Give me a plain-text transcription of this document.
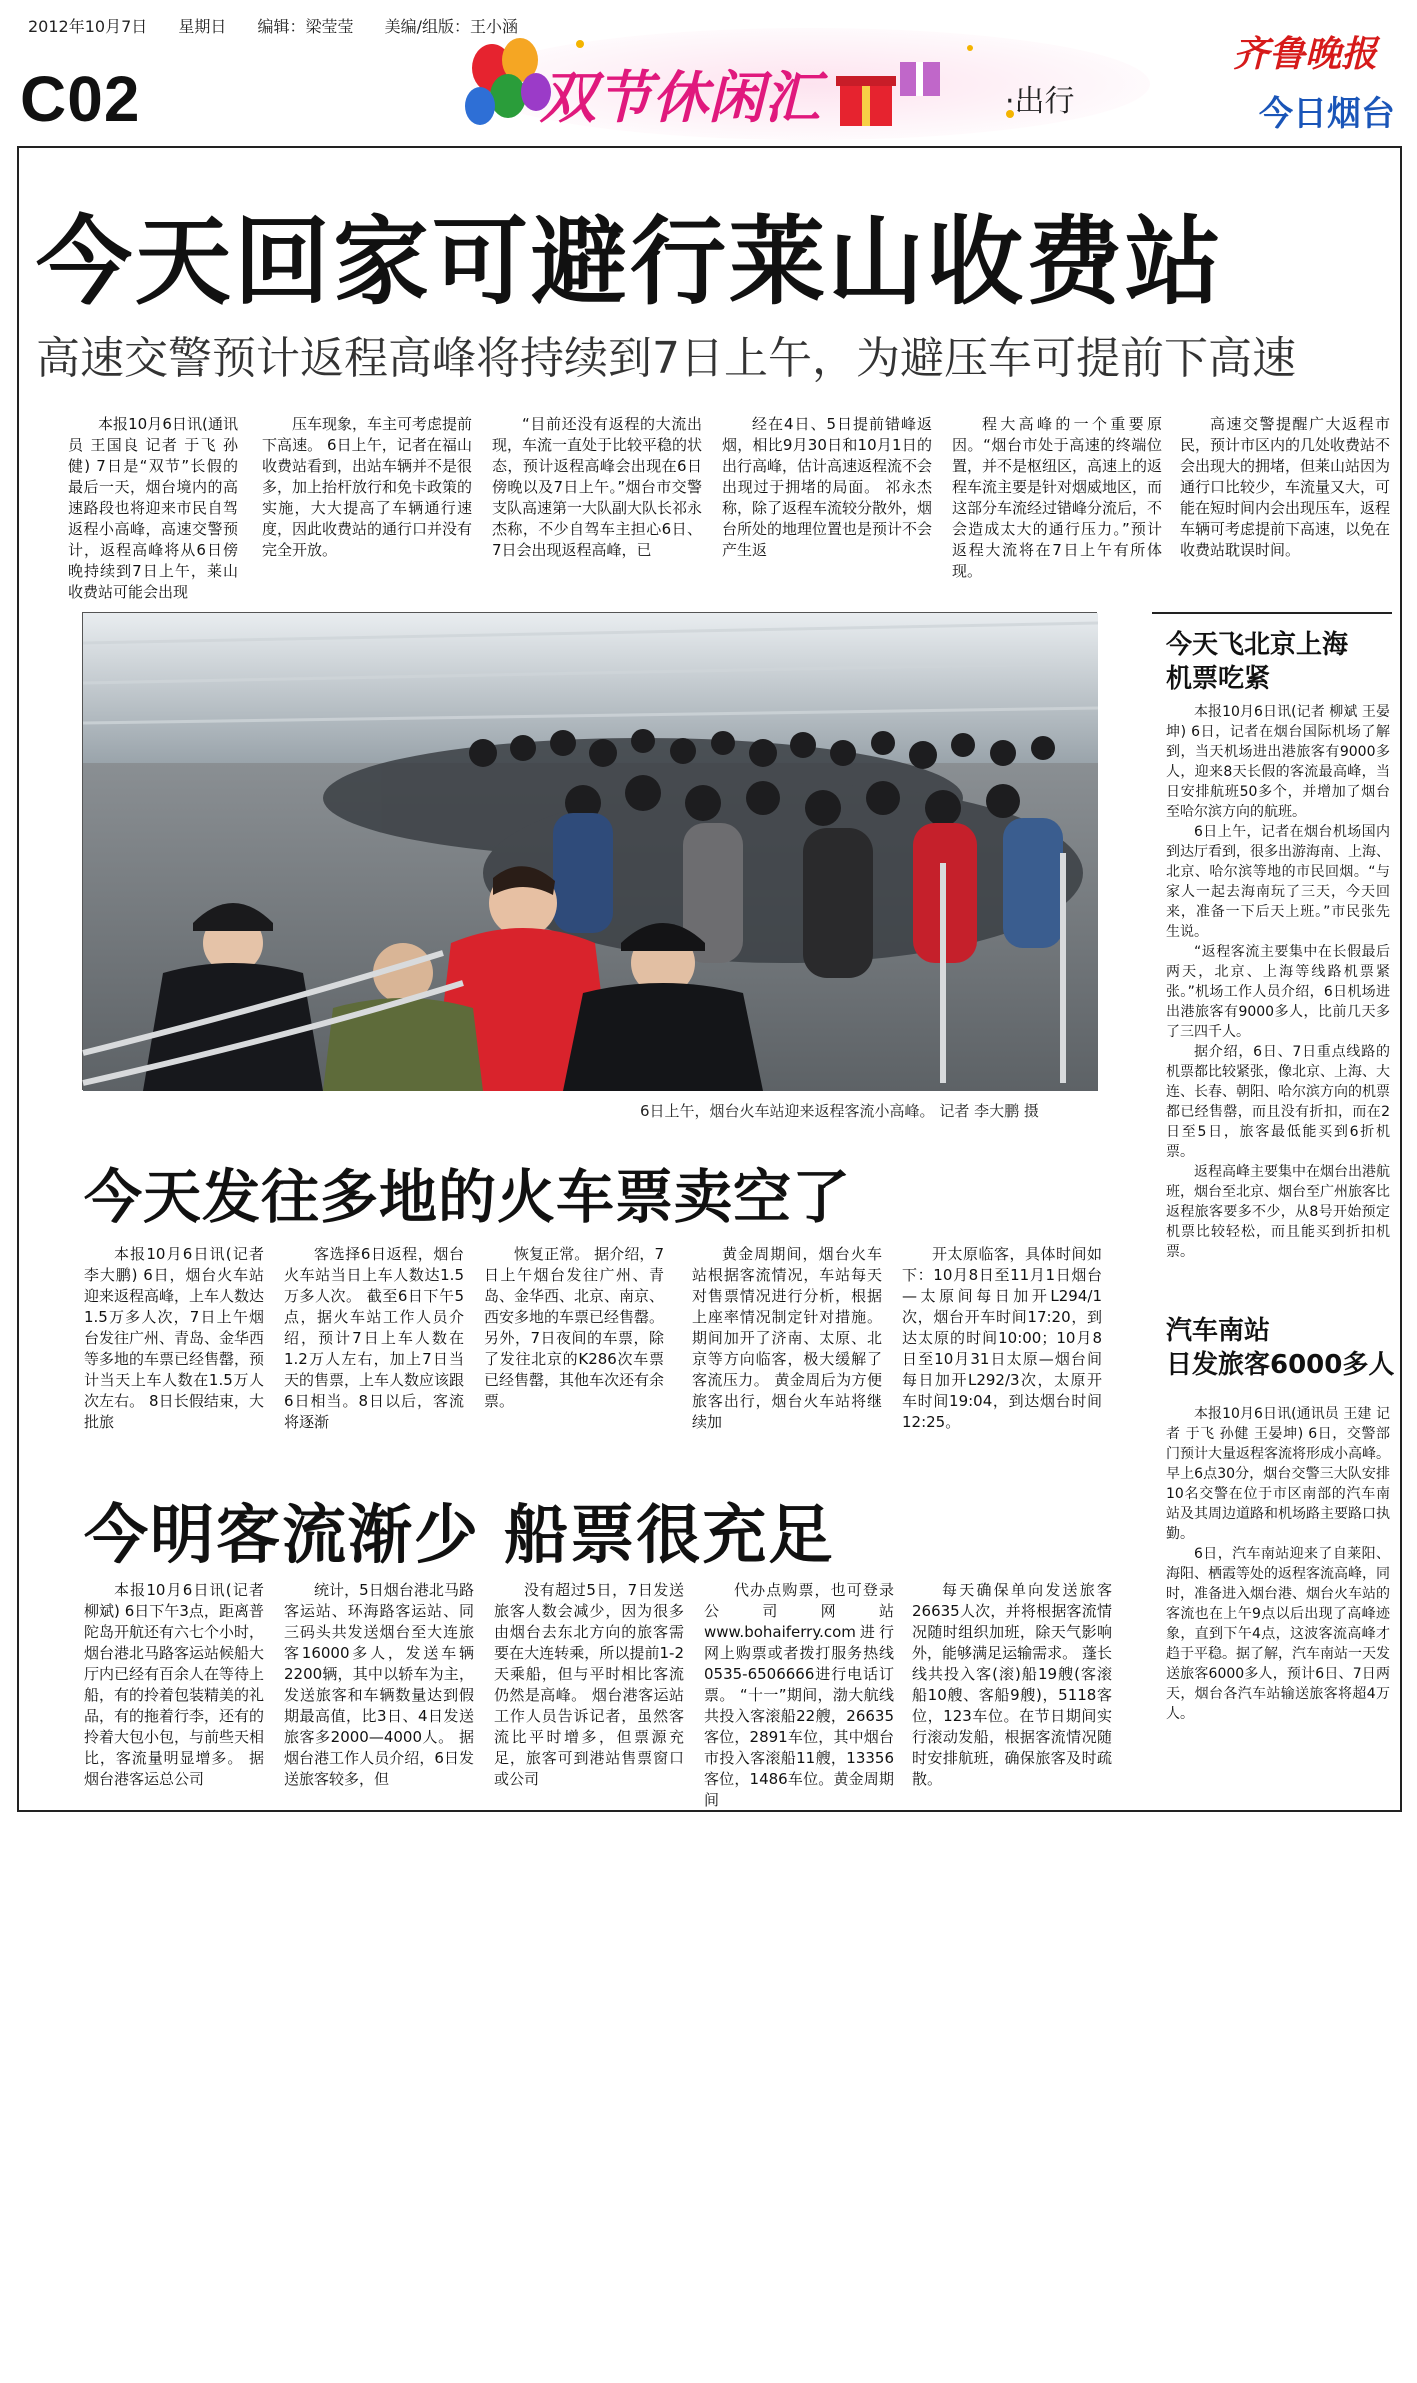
2012年10月7日 星期日 编辑：梁莹莹 美编/组版：王小涵
C02	双节休闲汇	·出行
齐鲁晚报
今日烟台
今天回家可避行莱山收费站
高速交警预计返程高峰将持续到7日上午，为避压车可提前下高速

本报10月6日讯(通讯员 王国良 记者 于飞 孙健) 7日是“双节”长假的最后一天，烟台境内的高速路段也将迎来市民自驾返程小高峰，高速交警预计，返程高峰将从6日傍晚持续到7日上午，莱山收费站可能会出现

压车现象，车主可考虑提前下高速。 6日上午，记者在福山收费站看到，出站车辆并不是很多，加上抬杆放行和免卡政策的实施，大大提高了车辆通行速度，因此收费站的通行口并没有完全开放。

“目前还没有返程的大流出现，车流一直处于比较平稳的状态，预计返程高峰会出现在6日傍晚以及7日上午。”烟台市交警支队高速第一大队副大队长祁永杰称，不少自驾车主担心6日、7日会出现返程高峰，已

经在4日、5日提前错峰返烟，相比9月30日和10月1日的出行高峰，估计高速返程流不会出现过于拥堵的局面。 祁永杰称，除了返程车流较分散外，烟台所处的地理位置也是预计不会产生返

程大高峰的一个重要原因。“烟台市处于高速的终端位置，并不是枢纽区，高速上的返程车流主要是针对烟威地区，而这部分车流经过错峰分流后，不会造成太大的通行压力。”预计返程大流将在7日上午有所体现。

高速交警提醒广大返程市民，预计市区内的几处收费站不会出现大的拥堵，但莱山站因为通行口比较少，车流量又大，可能在短时间内会出现压车，返程车辆可考虑提前下高速，以免在收费站耽误时间。

6日上午，烟台火车站迎来返程客流小高峰。 记者 李大鹏 摄
今天发往多地的火车票卖空了

本报10月6日讯(记者 李大鹏) 6日，烟台火车站迎来返程高峰，上车人数达1.5万多人次，7日上午烟台发往广州、青岛、金华西等多地的车票已经售罄，预计当天上车人数在1.5万人次左右。 8日长假结束，大批旅

客选择6日返程，烟台火车站当日上车人数达1.5万多人次。 截至6日下午5点，据火车站工作人员介绍，预计7日上车人数在1.2万人左右，加上7日当天的售票，上车人数应该跟6日相当。8日以后，客流将逐渐

恢复正常。 据介绍，7日上午烟台发往广州、青岛、金华西、北京、南京、西安多地的车票已经售罄。 另外，7日夜间的车票，除了发往北京的K286次车票已经售罄，其他车次还有余票。

黄金周期间，烟台火车站根据客流情况，车站每天对售票情况进行分析，根据上座率情况制定针对措施。期间加开了济南、太原、北京等方向临客，极大缓解了客流压力。 黄金周后为方便旅客出行，烟台火车站将继续加

开太原临客，具体时间如下：10月8日至11月1日烟台—太原间每日加开L294/1次，烟台开车时间17:20，到达太原的时间10:00；10月8日至10月31日太原—烟台间每日加开L292/3次，太原开车时间19:04，到达烟台时间12:25。

今明客流渐少 船票很充足

本报10月6日讯(记者 柳斌) 6日下午3点，距离普陀岛开航还有六七个小时，烟台港北马路客运站候船大厅内已经有百余人在等待上船，有的拎着包装精美的礼品，有的拖着行李，还有的拎着大包小包，与前些天相比，客流量明显增多。 据烟台港客运总公司

统计，5日烟台港北马路客运站、环海路客运站、同三码头共发送烟台至大连旅客16000多人，发送车辆2200辆，其中以轿车为主，发送旅客和车辆数量达到假期最高值，比3日、4日发送旅客多2000—4000人。 据烟台港工作人员介绍，6日发送旅客较多，但

没有超过5日，7日发送旅客人数会减少，因为很多由烟台去东北方向的旅客需要在大连转乘，所以提前1-2天乘船，但与平时相比客流仍然是高峰。 烟台港客运站工作人员告诉记者，虽然客流比平时增多，但票源充足，旅客可到港站售票窗口或公司

代办点购票，也可登录公司网站www.bohaiferry.com进行网上购票或者拨打服务热线0535-6506666进行电话订票。 “十一”期间，渤大航线共投入客滚船22艘，26635客位，2891车位，其中烟台市投入客滚船11艘，13356客位，1486车位。黄金周期间

每天确保单向发送旅客26635人次，并将根据客流情况随时组织加班，除天气影响外，能够满足运输需求。 蓬长线共投入客(滚)船19艘(客滚船10艘、客船9艘)，5118客位，123车位。在节日期间实行滚动发船，根据客流情况随时安排航班，确保旅客及时疏散。

今天飞北京上海
机票吃紧

本报10月6日讯(记者 柳斌 王晏坤) 6日，记者在烟台国际机场了解到，当天机场进出港旅客有9000多人，迎来8天长假的客流最高峰，当日安排航班50多个，并增加了烟台至哈尔滨方向的航班。

6日上午，记者在烟台机场国内到达厅看到，很多出游海南、上海、北京、哈尔滨等地的市民回烟。“与家人一起去海南玩了三天，今天回来，准备一下后天上班。”市民张先生说。

“返程客流主要集中在长假最后两天，北京、上海等线路机票紧张。”机场工作人员介绍，6日机场进出港旅客有9000多人，比前几天多了三四千人。

据介绍，6日、7日重点线路的机票都比较紧张，像北京、上海、大连、长春、朝阳、哈尔滨方向的机票都已经售罄，而且没有折扣，而在2日至5日，旅客最低能买到6折机票。

返程高峰主要集中在烟台出港航班，烟台至北京、烟台至广州旅客比返程旅客要多不少，从8号开始预定机票比较轻松，而且能买到折扣机票。

汽车南站
日发旅客6000多人

本报10月6日讯(通讯员 王建 记者 于飞 孙健 王晏坤) 6日，交警部门预计大量返程客流将形成小高峰。早上6点30分，烟台交警三大队安排10名交警在位于市区南部的汽车南站及其周边道路和机场路主要路口执勤。

6日，汽车南站迎来了自莱阳、海阳、栖霞等处的返程客流高峰，同时，准备进入烟台港、烟台火车站的客流也在上午9点以后出现了高峰迹象，直到下午4点，这波客流高峰才趋于平稳。据了解，汽车南站一天发送旅客6000多人，预计6日、7日两天，烟台各汽车站输送旅客将超4万人。
